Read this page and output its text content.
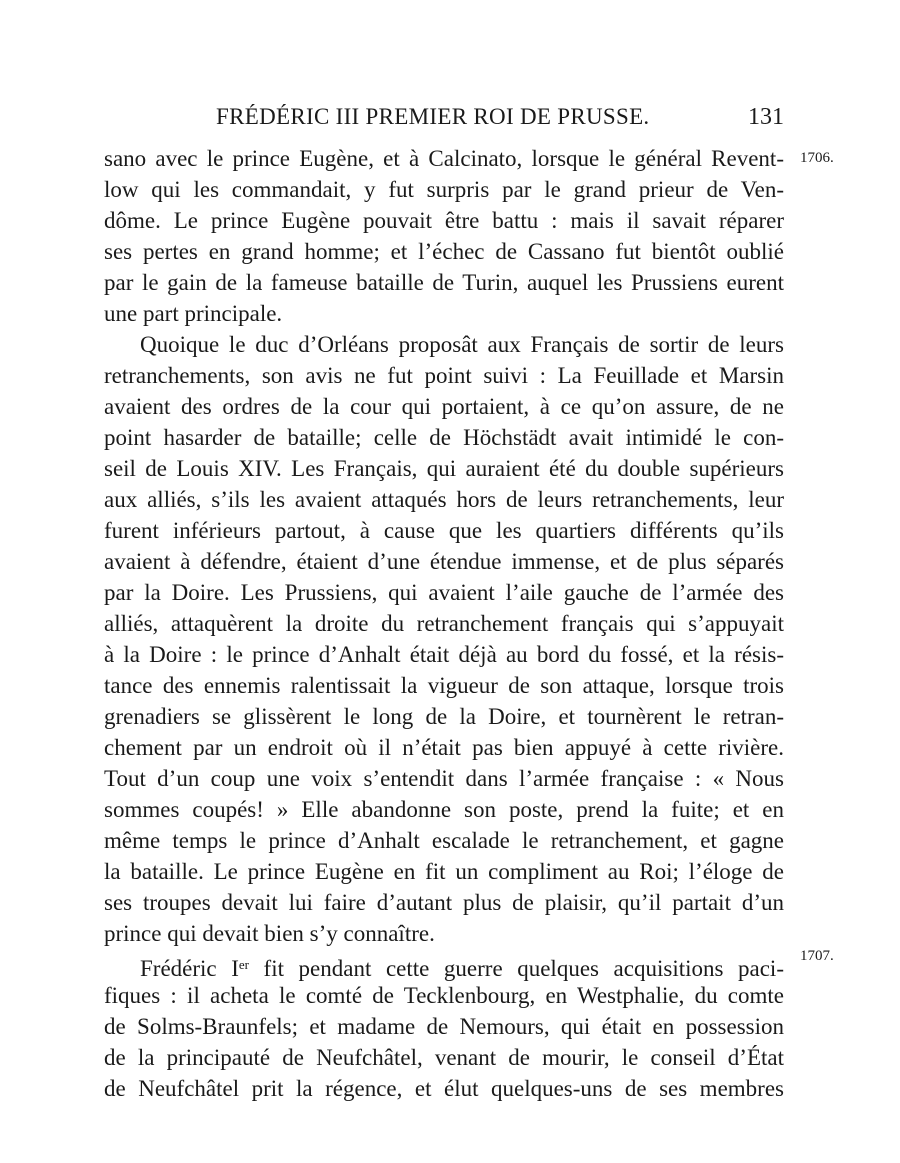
FRÉDÉRIC III PREMIER ROI DE PRUSSE.	131
1706.
1707.
sano avec le prince Eugène, et à Calcinato, lorsque le général Revent-
low qui les commandait, y fut surpris par le grand prieur de Ven-
dôme. Le prince Eugène pouvait être battu : mais il savait réparer
ses pertes en grand homme; et l’échec de Cassano fut bientôt oublié
par le gain de la fameuse bataille de Turin, auquel les Prussiens eurent
une part principale.
Quoique le duc d’Orléans proposât aux Français de sortir de leurs
retranchements, son avis ne fut point suivi : La Feuillade et Marsin
avaient des ordres de la cour qui portaient, à ce qu’on assure, de ne
point hasarder de bataille; celle de Höchstädt avait intimidé le con-
seil de Louis XIV. Les Français, qui auraient été du double supérieurs
aux alliés, s’ils les avaient attaqués hors de leurs retranchements, leur
furent inférieurs partout, à cause que les quartiers différents qu’ils
avaient à défendre, étaient d’une étendue immense, et de plus séparés
par la Doire. Les Prussiens, qui avaient l’aile gauche de l’armée des
alliés, attaquèrent la droite du retranchement français qui s’appuyait
à la Doire : le prince d’Anhalt était déjà au bord du fossé, et la résis-
tance des ennemis ralentissait la vigueur de son attaque, lorsque trois
grenadiers se glissèrent le long de la Doire, et tournèrent le retran-
chement par un endroit où il n’était pas bien appuyé à cette rivière.
Tout d’un coup une voix s’entendit dans l’armée française : « Nous
sommes coupés! » Elle abandonne son poste, prend la fuite; et en
même temps le prince d’Anhalt escalade le retranchement, et gagne
la bataille. Le prince Eugène en fit un compliment au Roi; l’éloge de
ses troupes devait lui faire d’autant plus de plaisir, qu’il partait d’un
prince qui devait bien s’y connaître.
Frédéric Ier fit pendant cette guerre quelques acquisitions paci-
fiques : il acheta le comté de Tecklenbourg, en Westphalie, du comte
de Solms-Braunfels; et madame de Nemours, qui était en possession
de la principauté de Neufchâtel, venant de mourir, le conseil d’État
de Neufchâtel prit la régence, et élut quelques-uns de ses membres
